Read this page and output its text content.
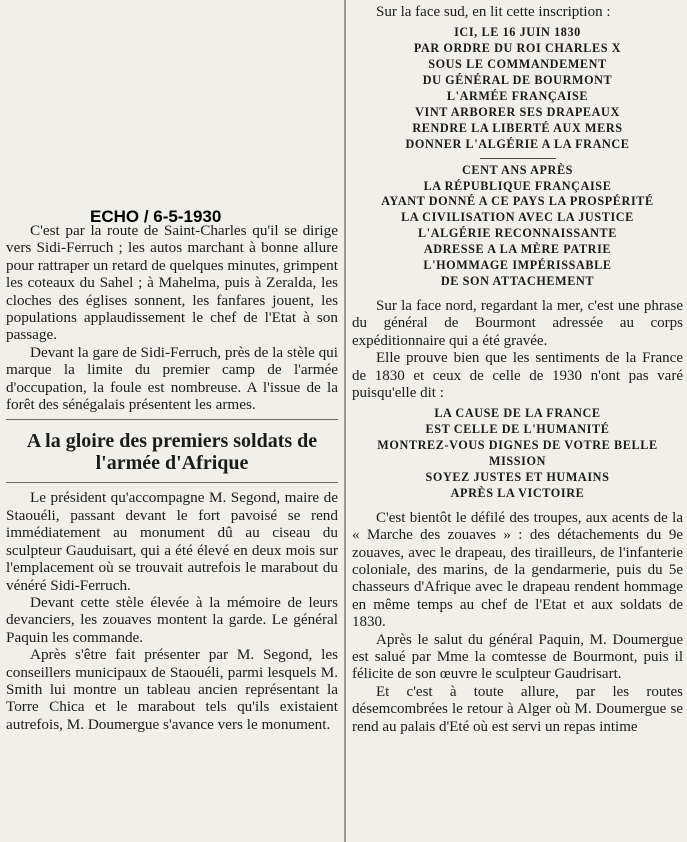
ECHO / 6-5-1930

C'est par la route de Saint-Charles qu'il se dirige vers Sidi-Ferruch ; les autos marchant à bonne allure pour rattraper un retard de quelques minutes, grimpent les coteaux du Sahel ; à Mahelma, puis à Zeralda, les cloches des églises sonnent, les fanfares jouent, les populations applaudissement le chef de l'Etat à son passage.

Devant la gare de Sidi-Ferruch, près de la stèle qui marque la limite du premier camp de l'armée d'occupation, la foule est nombreuse. A l'issue de la forêt des sénégalais présentent les armes.

A la gloire des premiers soldats de l'armée d'Afrique

Le président qu'accompagne M. Segond, maire de Staouéli, passant devant le fort pavoisé se rend immédiatement au monument dû au ciseau du sculpteur Gauduisart, qui a été élevé en deux mois sur l'emplacement où se trouvait autrefois le marabout du vénéré Sidi-Ferruch.

Devant cette stèle élevée à la mémoire de leurs devanciers, les zouaves montent la garde. Le général Paquin les commande.

Après s'être fait présenter par M. Segond, les conseillers municipaux de Staouéli, parmi lesquels M. Smith lui montre un tableau ancien représentant la Torre Chica et le marabout tels qu'ils existaient autrefois, M. Doumergue s'avance vers le monument.

Sur la face sud, en lit cette inscription :

ICI, LE 16 JUIN 1830
PAR ORDRE DU ROI CHARLES X
SOUS LE COMMANDEMENT
DU GÉNÉRAL DE BOURMONT
L'ARMÉE FRANÇAISE
VINT ARBORER SES DRAPEAUX
RENDRE LA LIBERTÉ AUX MERS
DONNER L'ALGÉRIE A LA FRANCE
CENT ANS APRÈS
LA RÉPUBLIQUE FRANÇAISE
AYANT DONNÉ A CE PAYS LA PROSPÉRITÉ
LA CIVILISATION AVEC LA JUSTICE
L'ALGÉRIE RECONNAISSANTE
ADRESSE A LA MÈRE PATRIE
L'HOMMAGE IMPÉRISSABLE
DE SON ATTACHEMENT

Sur la face nord, regardant la mer, c'est une phrase du général de Bourmont adressée au corps expéditionnaire qui a été gravée.

Elle prouve bien que les sentiments de la France de 1830 et ceux de celle de 1930 n'ont pas varé puisqu'elle dit :

LA CAUSE DE LA FRANCE
EST CELLE DE L'HUMANITÉ
MONTREZ-VOUS DIGNES DE VOTRE BELLE
MISSION
SOYEZ JUSTES ET HUMAINS
APRÈS LA VICTOIRE

C'est bientôt le défilé des troupes, aux acents de la « Marche des zouaves » : des détachements du 9e zouaves, avec le drapeau, des tirailleurs, de l'infanterie coloniale, des marins, de la gendarmerie, puis du 5e chasseurs d'Afrique avec le drapeau rendent hommage en même temps au chef de l'Etat et aux soldats de 1830.

Après le salut du général Paquin, M. Doumergue est salué par Mme la comtesse de Bourmont, puis il félicite de son œuvre le sculpteur Gaudrisart.

Et c'est à toute allure, par les routes désemcombrées le retour à Alger où M. Doumergue se rend au palais d'Eté où est servi un repas intime
